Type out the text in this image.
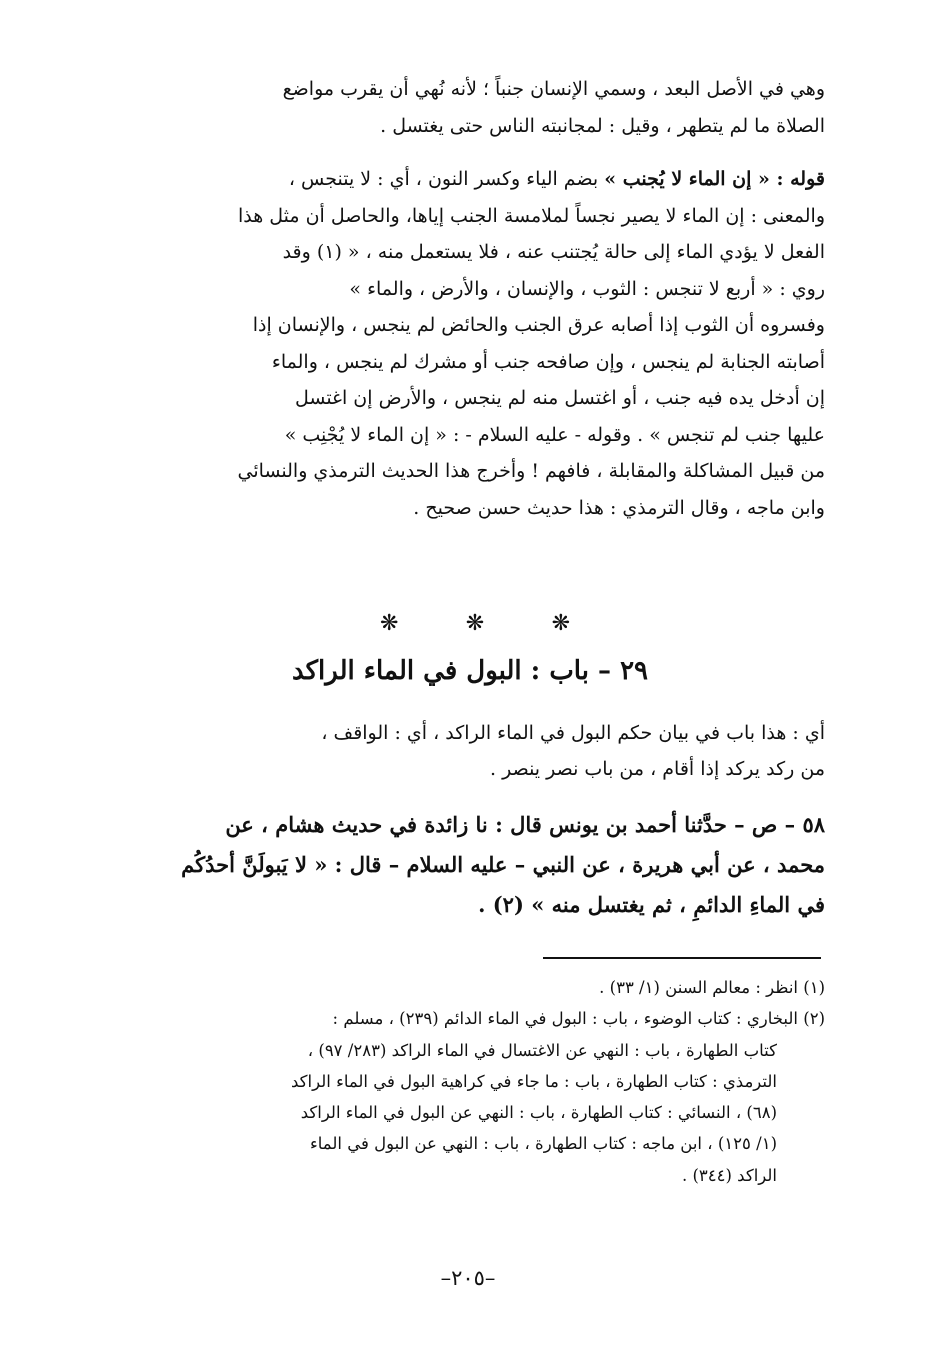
وهي في الأصل البعد ، وسمي الإنسان جنباً ؛ لأنه نُهي أن يقرب مواضع
الصلاة ما لم يتطهر ، وقيل : لمجانبته الناس حتى يغتسل .
قوله : « إن الماء لا يُجنب » بضم الياء وكسر النون ، أي : لا يتنجس ،
والمعنى : إن الماء لا يصير نجساً لملامسة الجنب إياها، والحاصل أن مثل هذا
الفعل لا يؤدي الماء إلى حالة يُجتنب عنه ، فلا يستعمل منه ، « (١) وقد
روي : « أربع لا تنجس : الثوب ، والإنسان ، والأرض ، والماء »
وفسروه أن الثوب إذا أصابه عرق الجنب والحائض لم ينجس ، والإنسان إذا
أصابته الجنابة لم ينجس ، وإن صافحه جنب أو مشرك لم ينجس ، والماء
إن أدخل يده فيه جنب ، أو اغتسل منه لم ينجس ، والأرض إن اغتسل
عليها جنب لم تنجس » . وقوله - عليه السلام - : « إن الماء لا يُجْنِب »
من قبيل المشاكلة والمقابلة ، فافهم ! وأخرج هذا الحديث الترمذي والنسائي
وابن ماجه ، وقال الترمذي : هذا حديث حسن صحيح .
❋	❋	❋
٢٩ – باب : البول في الماء الراكد
أي : هذا باب في بيان حكم البول في الماء الراكد ، أي : الواقف ،
من ركد يركد إذا أقام ، من باب نصر ينصر .
٥٨ – ص – حدَّثنا أحمد بن يونس قال : نا زائدة في حديث هشام ، عن
محمد ، عن أبي هريرة ، عن النبي – عليه السلام – قال : « لا يَبولَنَّ أحدُكُم
في الماءِ الدائمِ ، ثم يغتسل منه » (٢) .
(١) انظر : معالم السنن (١/ ٣٣) .
(٢) البخاري : كتاب الوضوء ، باب : البول في الماء الدائم (٢٣٩) ، مسلم :
كتاب الطهارة ، باب : النهي عن الاغتسال في الماء الراكد (٢٨٣/ ٩٧) ،
الترمذي : كتاب الطهارة ، باب : ما جاء في كراهية البول في الماء الراكد
(٦٨) ، النسائي : كتاب الطهارة ، باب : النهي عن البول في الماء الراكد
(١/ ١٢٥) ، ابن ماجه : كتاب الطهارة ، باب : النهي عن البول في الماء
الراكد (٣٤٤) .
–٢٠٥–
